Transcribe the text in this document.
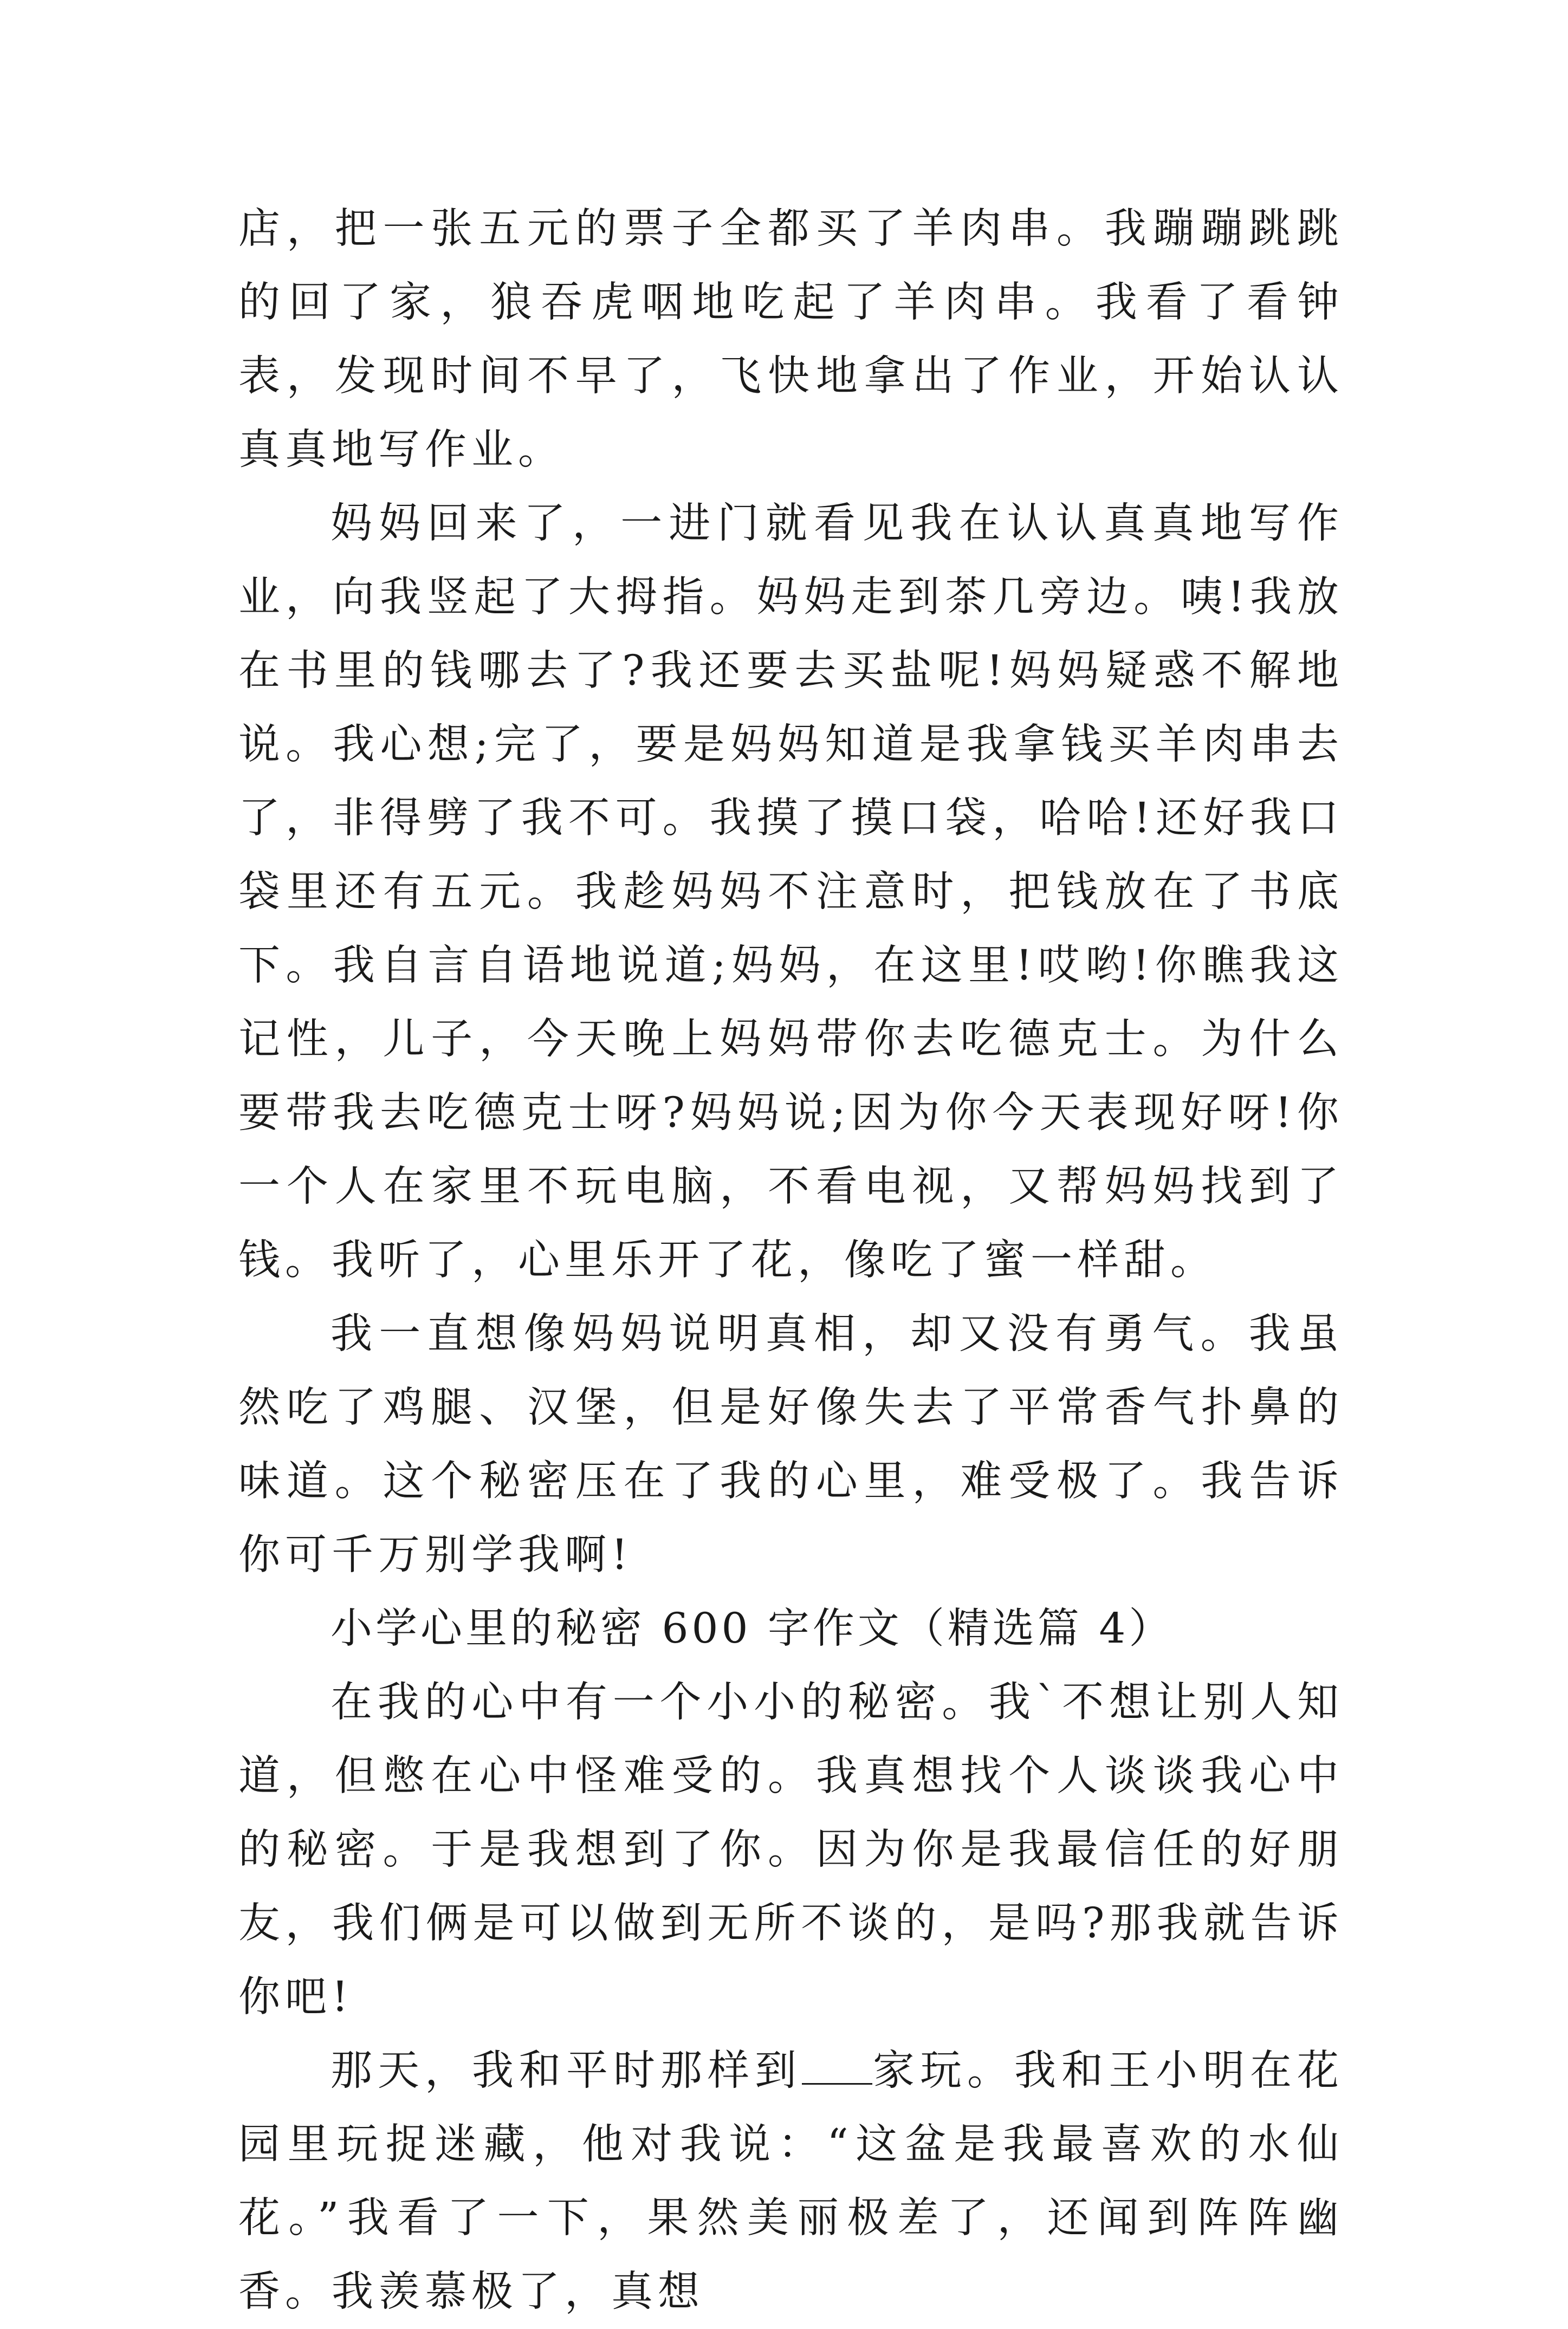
店，把一张五元的票子全都买了羊肉串。我蹦蹦跳跳的回了家，狼吞虎咽地吃起了羊肉串。我看了看钟表，发现时间不早了，飞快地拿出了作业，开始认认真真地写作业。

妈妈回来了，一进门就看见我在认认真真地写作业，向我竖起了大拇指。妈妈走到茶几旁边。咦!我放在书里的钱哪去了?我还要去买盐呢!妈妈疑惑不解地说。我心想;完了，要是妈妈知道是我拿钱买羊肉串去了，非得劈了我不可。我摸了摸口袋，哈哈!还好我口袋里还有五元。我趁妈妈不注意时，把钱放在了书底下。我自言自语地说道;妈妈，在这里!哎哟!你瞧我这记性，儿子，今天晚上妈妈带你去吃德克士。为什么要带我去吃德克士呀?妈妈说;因为你今天表现好呀!你一个人在家里不玩电脑，不看电视，又帮妈妈找到了钱。我听了，心里乐开了花，像吃了蜜一样甜。

我一直想像妈妈说明真相，却又没有勇气。我虽然吃了鸡腿、汉堡，但是好像失去了平常香气扑鼻的味道。这个秘密压在了我的心里，难受极了。我告诉你可千万别学我啊!

小学心里的秘密 600 字作文（精选篇 4）

在我的心中有一个小小的秘密。我`不想让别人知道，但憋在心中怪难受的。我真想找个人谈谈我心中的秘密。于是我想到了你。因为你是我最信任的好朋友，我们俩是可以做到无所不谈的，是吗?那我就告诉你吧!

那天，我和平时那样到 家玩。我和王小明在花园里玩捉迷藏，他对我说：“这盆是我最喜欢的水仙花。”我看了一下，果然美丽极差了，还闻到阵阵幽香。我羡慕极了，真想
